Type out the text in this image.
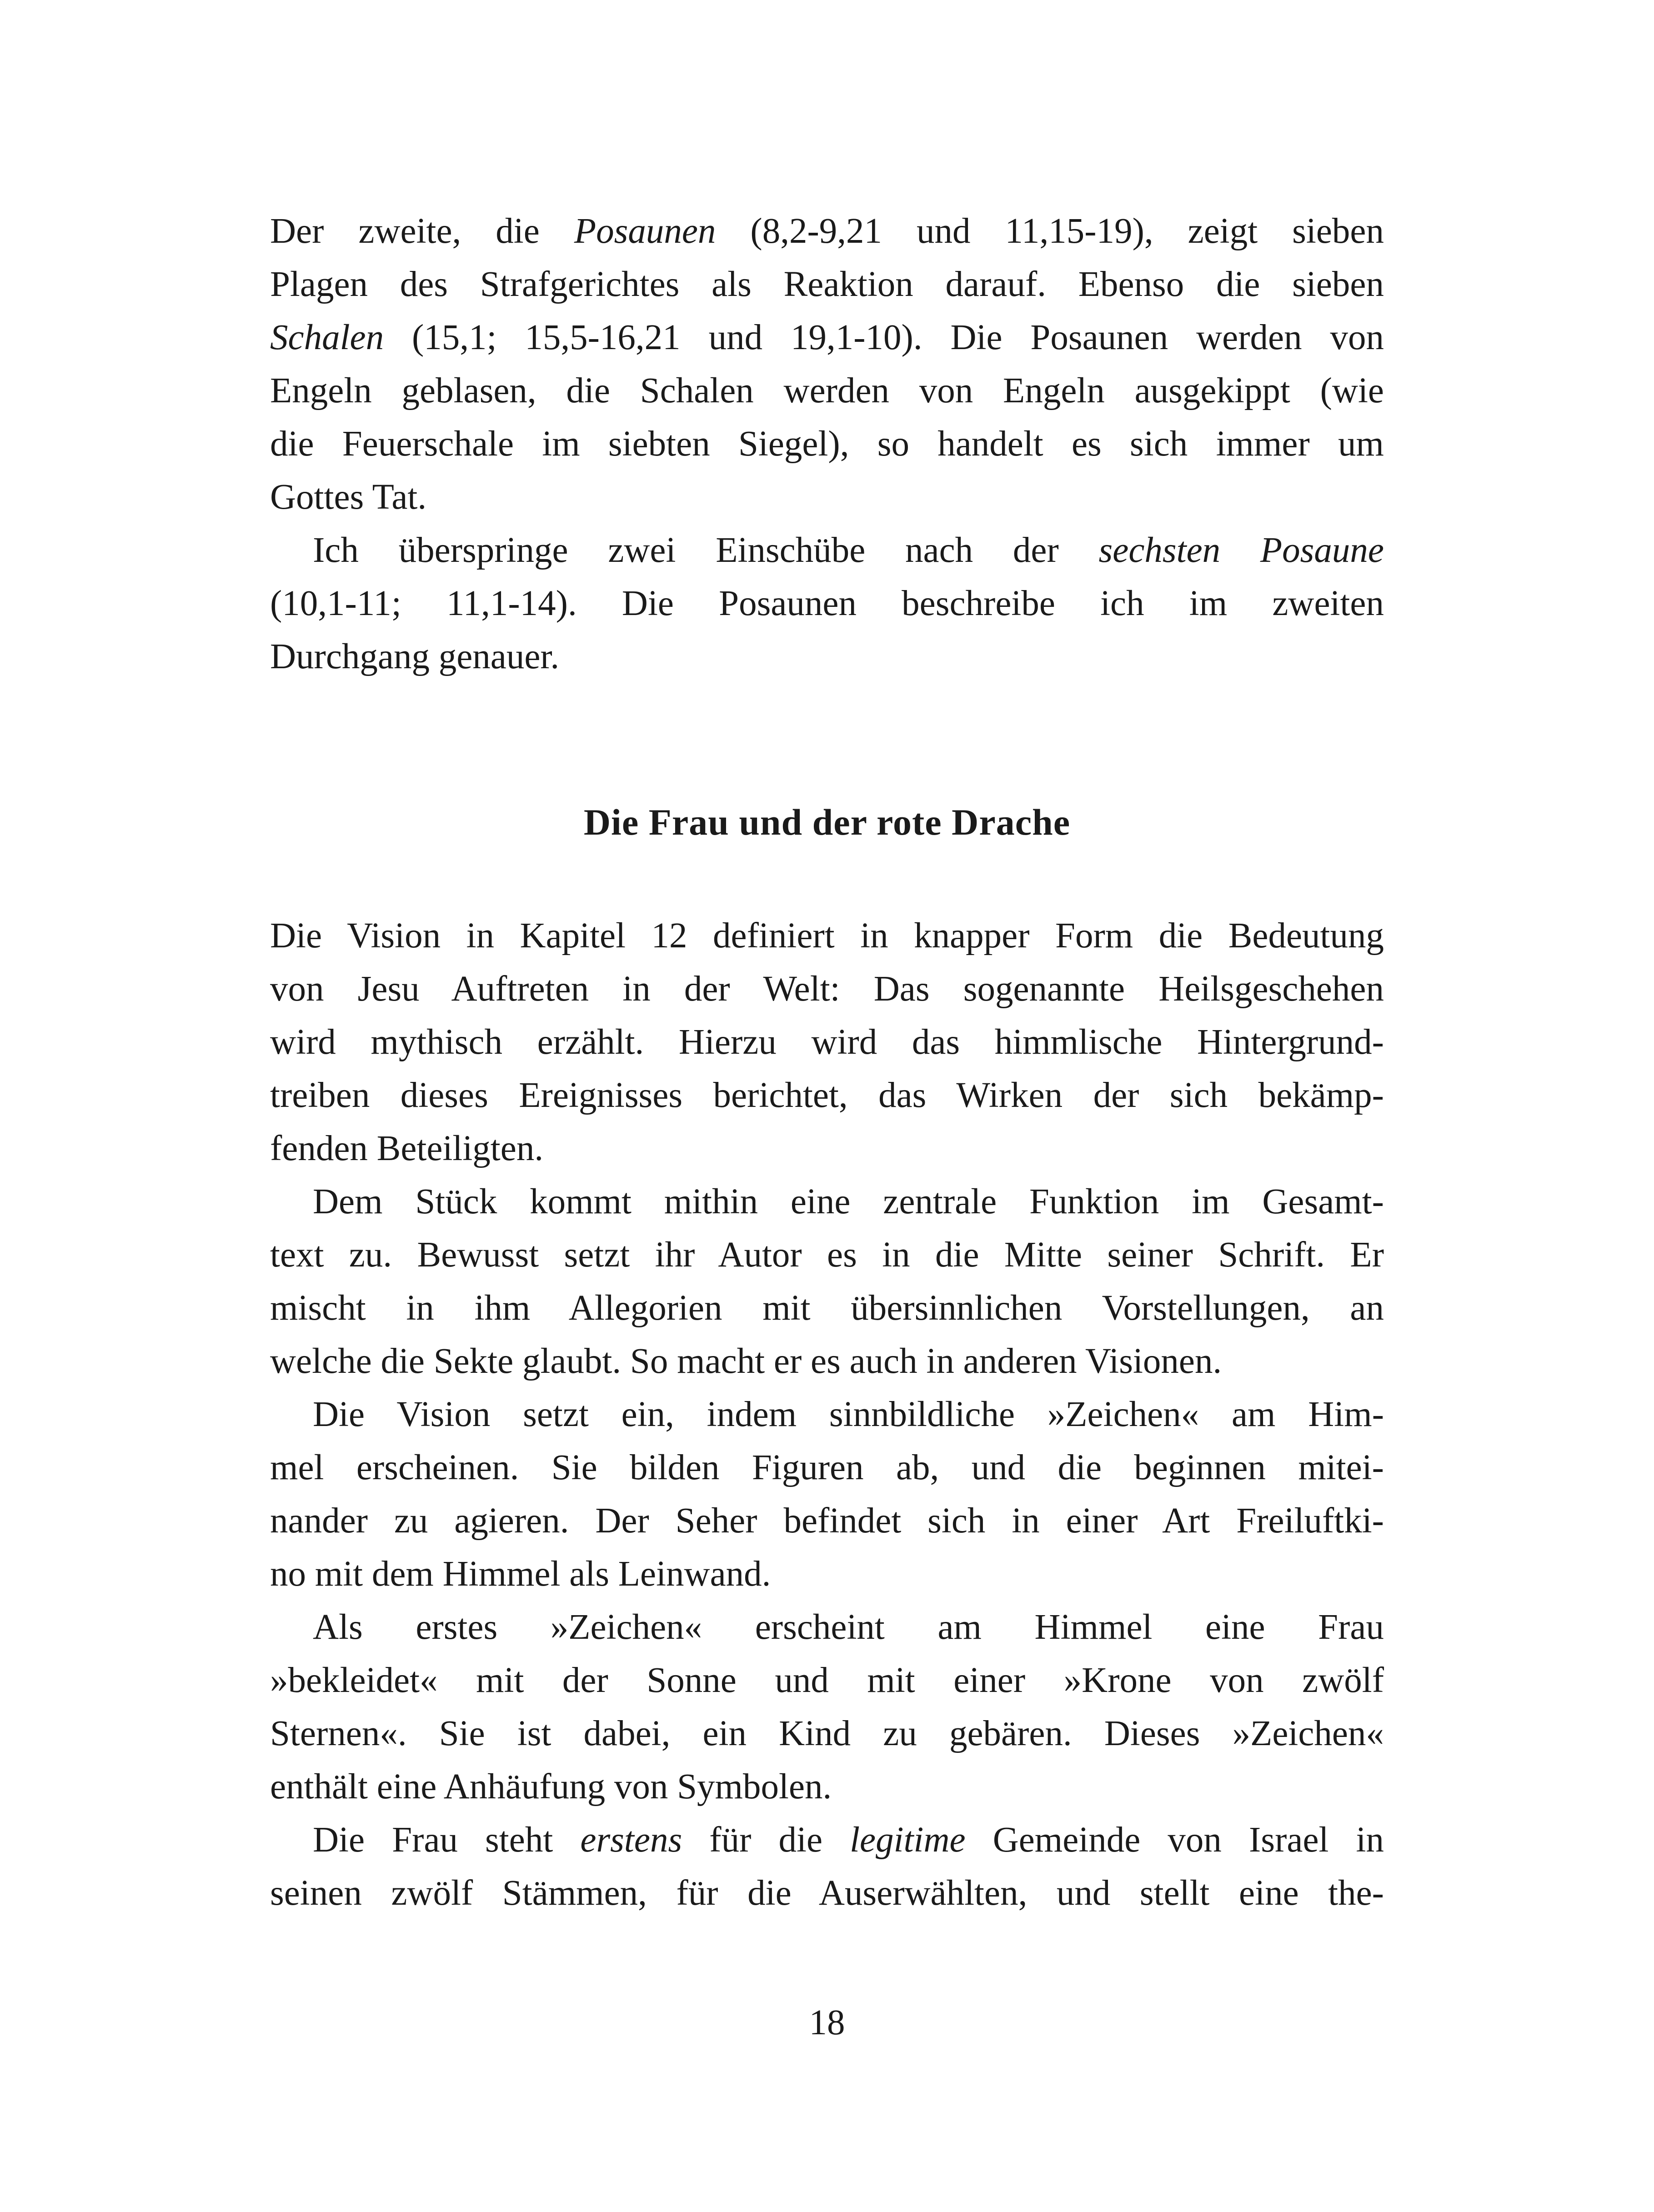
Der zweite, die Posaunen (8,2-9,21 und 11,15-19), zeigt sieben
Plagen des Strafgerichtes als Reaktion darauf. Ebenso die sieben
Schalen (15,1; 15,5-16,21 und 19,1-10). Die Posaunen werden von
Engeln geblasen, die Schalen werden von Engeln ausgekippt (wie
die Feuerschale im siebten Siegel), so handelt es sich immer um
Gottes Tat.
Ich überspringe zwei Einschübe nach der sechsten Posaune
(10,1-11; 11,1-14). Die Posaunen beschreibe ich im zweiten
Durchgang genauer.
Die Frau und der rote Drache
Die Vision in Kapitel 12 definiert in knapper Form die Bedeutung
von Jesu Auftreten in der Welt: Das sogenannte Heilsgeschehen
wird mythisch erzählt. Hierzu wird das himmlische Hintergrund-
treiben dieses Ereignisses berichtet, das Wirken der sich bekämp-
fenden Beteiligten.
Dem Stück kommt mithin eine zentrale Funktion im Gesamt-
text zu. Bewusst setzt ihr Autor es in die Mitte seiner Schrift. Er
mischt in ihm Allegorien mit übersinnlichen Vorstellungen, an
welche die Sekte glaubt. So macht er es auch in anderen Visionen.
Die Vision setzt ein, indem sinnbildliche »Zeichen« am Him-
mel erscheinen. Sie bilden Figuren ab, und die beginnen mitei-
nander zu agieren. Der Seher befindet sich in einer Art Freiluftki-
no mit dem Himmel als Leinwand.
Als erstes »Zeichen« erscheint am Himmel eine Frau
»bekleidet« mit der Sonne und mit einer »Krone von zwölf
Sternen«. Sie ist dabei, ein Kind zu gebären. Dieses »Zeichen«
enthält eine Anhäufung von Symbolen.
Die Frau steht erstens für die legitime Gemeinde von Israel in
seinen zwölf Stämmen, für die Auserwählten, und stellt eine the-
18
